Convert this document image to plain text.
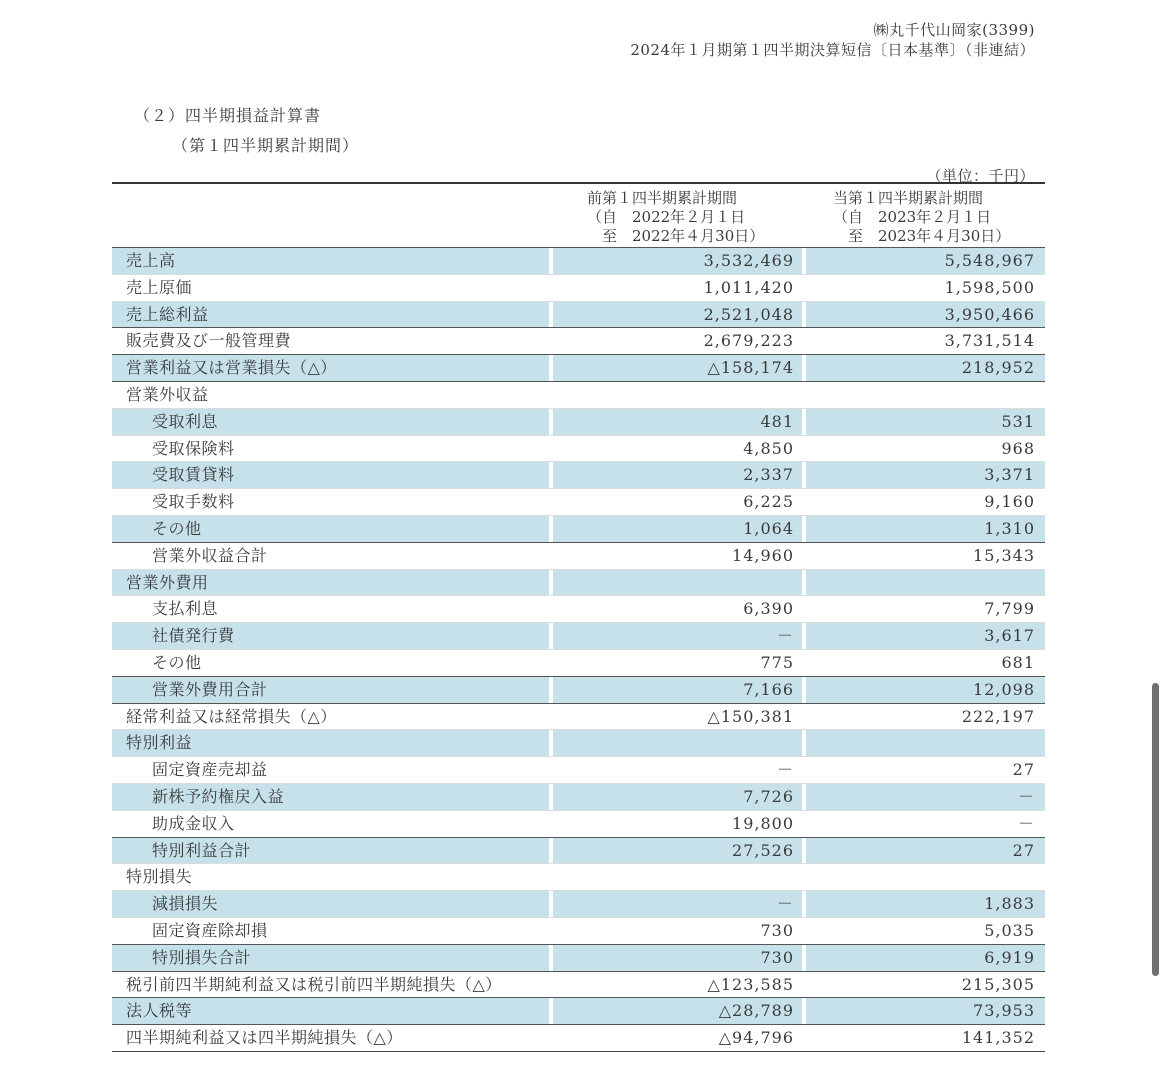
㈱丸千代山岡家(3399)
2024年１月期第１四半期決算短信〔日本基準〕（非連結）
（２）四半期損益計算書
（第１四半期累計期間）
（単位：千円）
前第１四半期累計期間
（自　2022年２月１日
　至　2022年４月30日）
当第１四半期累計期間
（自　2023年２月１日
　至　2023年４月30日）
売上高	3,532,469	5,548,967
売上原価	1,011,420	1,598,500
売上総利益	2,521,048	3,950,466
販売費及び一般管理費	2,679,223	3,731,514
営業利益又は営業損失（△）	△158,174	218,952
営業外収益
受取利息	481	531
受取保険料	4,850	968
受取賃貸料	2,337	3,371
受取手数料	6,225	9,160
その他	1,064	1,310
営業外収益合計	14,960	15,343
営業外費用
支払利息	6,390	7,799
社債発行費	－	3,617
その他	775	681
営業外費用合計	7,166	12,098
経常利益又は経常損失（△）	△150,381	222,197
特別利益
固定資産売却益	－	27
新株予約権戻入益	7,726	－
助成金収入	19,800	－
特別利益合計	27,526	27
特別損失
減損損失	－	1,883
固定資産除却損	730	5,035
特別損失合計	730	6,919
税引前四半期純利益又は税引前四半期純損失（△）	△123,585	215,305
法人税等	△28,789	73,953
四半期純利益又は四半期純損失（△）	△94,796	141,352
